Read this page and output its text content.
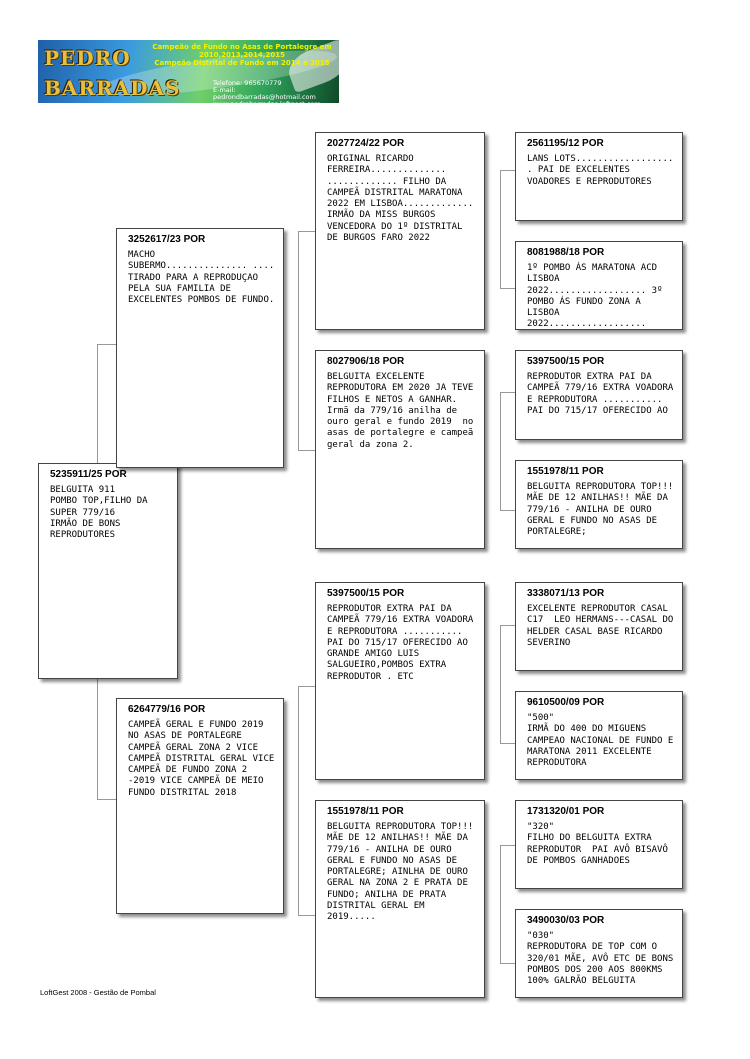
PEDRO
BARRADAS
Campeão de Fundo no Asas de Portalegre em
2010,2013,2014,2015
Campeão Distrital de Fundo em 2014 e 2015
Telefone: 965670779
E-mail: pedrondbarradas@hotmail.com
www.pedrobarradas.loftgest.com
5235911/25 POR
BELGUITA 911
POMBO TOP,FILHO DA SUPER 779/16
IRMÃO DE BONS REPRODUTORES
3252617/23 POR
MACHO SUBERMO............... .... TIRADO PARA A REPRODUÇAO PELA SUA FAMILIA DE EXCELENTES POMBOS DE FUNDO.
6264779/16 POR
CAMPEÃ GERAL E FUNDO 2019 NO ASAS DE PORTALEGRE CAMPEÃ GERAL ZONA 2 VICE CAMPEÃ DISTRITAL GERAL VICE CAMPEÃ DE FUNDO ZONA 2 -2019 VICE CAMPEÃ DE MEIO FUNDO DISTRITAL 2018
2027724/22 POR
ORIGINAL RICARDO FERREIRA.............. ............. FILHO DA CAMPEÃ DISTRITAL MARATONA 2022 EM LISBOA............. IRMÃO DA MISS BURGOS VENCEDORA DO 1º DISTRITAL DE BURGOS FARO 2022
8027906/18 POR
BELGUITA EXCELENTE REPRODUTORA EM 2020 JA TEVE FILHOS E NETOS A GANHAR.  Irmã da 779/16 anilha de ouro geral e fundo 2019  no asas de portalegre e campeã geral da zona 2.
5397500/15 POR
REPRODUTOR EXTRA PAI DA CAMPEÃ 779/16 EXTRA VOADORA E REPRODUTORA ........... PAI DO 715/17 OFERECIDO AO GRANDE AMIGO LUIS SALGUEIRO,POMBOS EXTRA REPRODUTOR . ETC
1551978/11 POR
BELGUITA REPRODUTORA TOP!!! MÃE DE 12 ANILHAS!! MÃE DA 779/16 - ANILHA DE OURO GERAL E FUNDO NO ASAS DE PORTALEGRE; AINLHA DE OURO GERAL NA ZONA 2 E PRATA DE FUNDO; ANILHA DE PRATA DISTRITAL GERAL EM 2019.....
2561195/12 POR
LANS LOTS.................. . PAI DE EXCELENTES VOADORES E REPRODUTORES
8081988/18 POR
1º POMBO ÁS MARATONA ACD LISBOA 2022.................. 3º POMBO ÁS FUNDO ZONA A LISBOA 2022..................
5397500/15 POR
REPRODUTOR EXTRA PAI DA CAMPEÃ 779/16 EXTRA VOADORA E REPRODUTORA ........... PAI DO 715/17 OFERECIDO AO
1551978/11 POR
BELGUITA REPRODUTORA TOP!!! MÃE DE 12 ANILHAS!! MÃE DA 779/16 - ANILHA DE OURO GERAL E FUNDO NO ASAS DE PORTALEGRE;
3338071/13 POR
EXCELENTE REPRODUTOR CASAL C17  LEO HERMANS---CASAL DO HELDER CASAL BASE RICARDO SEVERINO
9610500/09 POR
"500"
IRMÃ DO 400 DO MIGUENS CAMPEAO NACIONAL DE FUNDO E MARATONA 2011 EXCELENTE REPRODUTORA
1731320/01 POR
"320"
FILHO DO BELGUITA EXTRA REPRODUTOR  PAI AVÔ BISAVÔ DE POMBOS GANHADOES
3490030/03 POR
"030"
REPRODUTORA DE TOP COM O 320/01 MÃE, AVÔ ETC DE BONS POMBOS DOS 200 AOS 800KMS 100% GALRÃO BELGUITA
LoftGest 2008 - Gestão de Pombal
